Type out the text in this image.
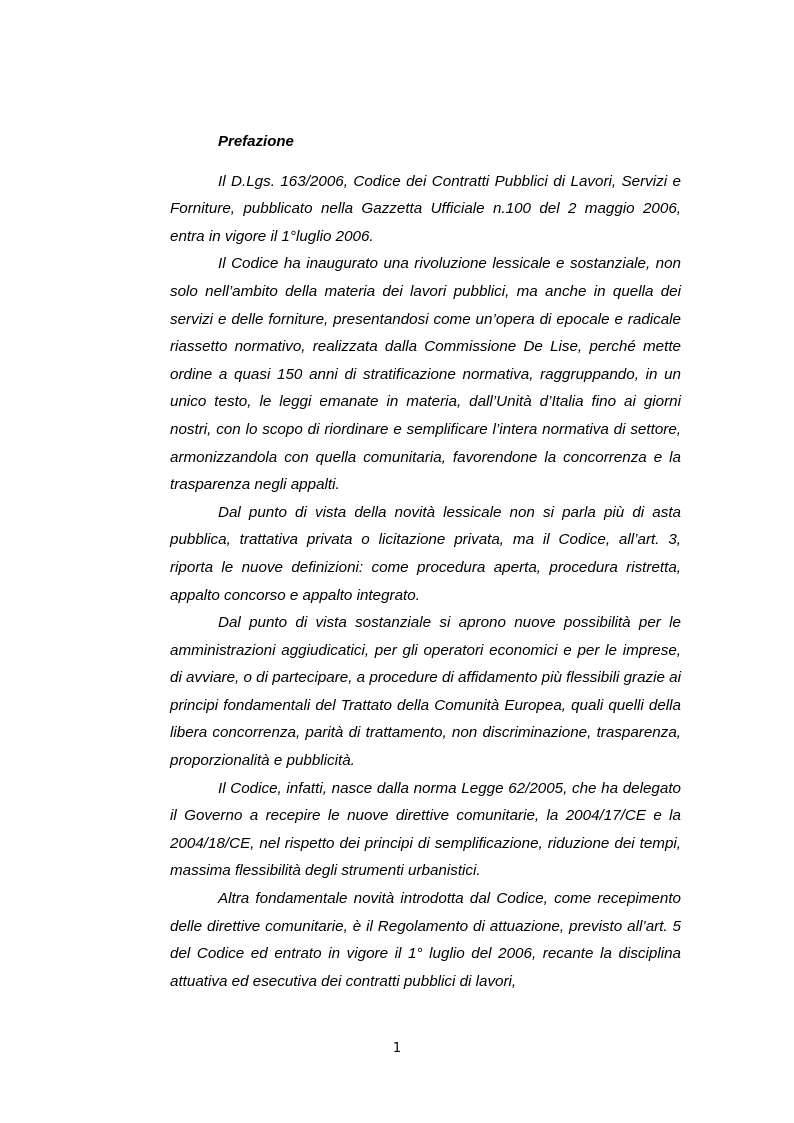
Prefazione

Il D.Lgs. 163/2006, Codice dei Contratti Pubblici di Lavori, Servizi e Forniture, pubblicato nella Gazzetta Ufficiale n.100 del 2 maggio 2006, entra in vigore il 1°luglio 2006.

Il Codice ha inaugurato una rivoluzione lessicale e sostanziale, non solo nell’ambito della materia dei lavori pubblici, ma anche in quella dei servizi e delle forniture, presentandosi come un’opera di epocale e radicale riassetto normativo, realizzata dalla Commissione De Lise, perché mette ordine a quasi 150 anni di stratificazione normativa, raggruppando, in un unico testo, le leggi emanate in materia, dall’Unità d’Italia fino ai giorni nostri, con lo scopo di riordinare e semplificare l’intera normativa di settore, armonizzandola con quella comunitaria, favorendone la concorrenza e la trasparenza negli appalti.

Dal punto di vista della novità lessicale non si parla più di asta pubblica, trattativa privata o licitazione privata, ma il Codice, all’art. 3, riporta le nuove definizioni: come procedura aperta, procedura ristretta, appalto concorso e appalto integrato.

Dal punto di vista sostanziale si aprono nuove possibilità per le amministrazioni aggiudicatici, per gli operatori economici e per le imprese, di avviare, o di partecipare, a procedure di affidamento più flessibili grazie ai principi fondamentali del Trattato della Comunità Europea, quali quelli della libera concorrenza, parità di trattamento, non discriminazione, trasparenza, proporzionalità e pubblicità.

Il Codice, infatti, nasce dalla norma Legge 62/2005, che ha delegato il Governo a recepire le nuove direttive comunitarie, la 2004/17/CE e la 2004/18/CE, nel rispetto dei principi di semplificazione, riduzione dei tempi, massima flessibilità degli strumenti urbanistici.

Altra fondamentale novità introdotta dal Codice, come recepimento delle direttive comunitarie, è il Regolamento di attuazione, previsto all’art. 5 del Codice ed entrato in vigore il 1° luglio del 2006, recante la disciplina attuativa ed esecutiva dei contratti pubblici di lavori,

1
